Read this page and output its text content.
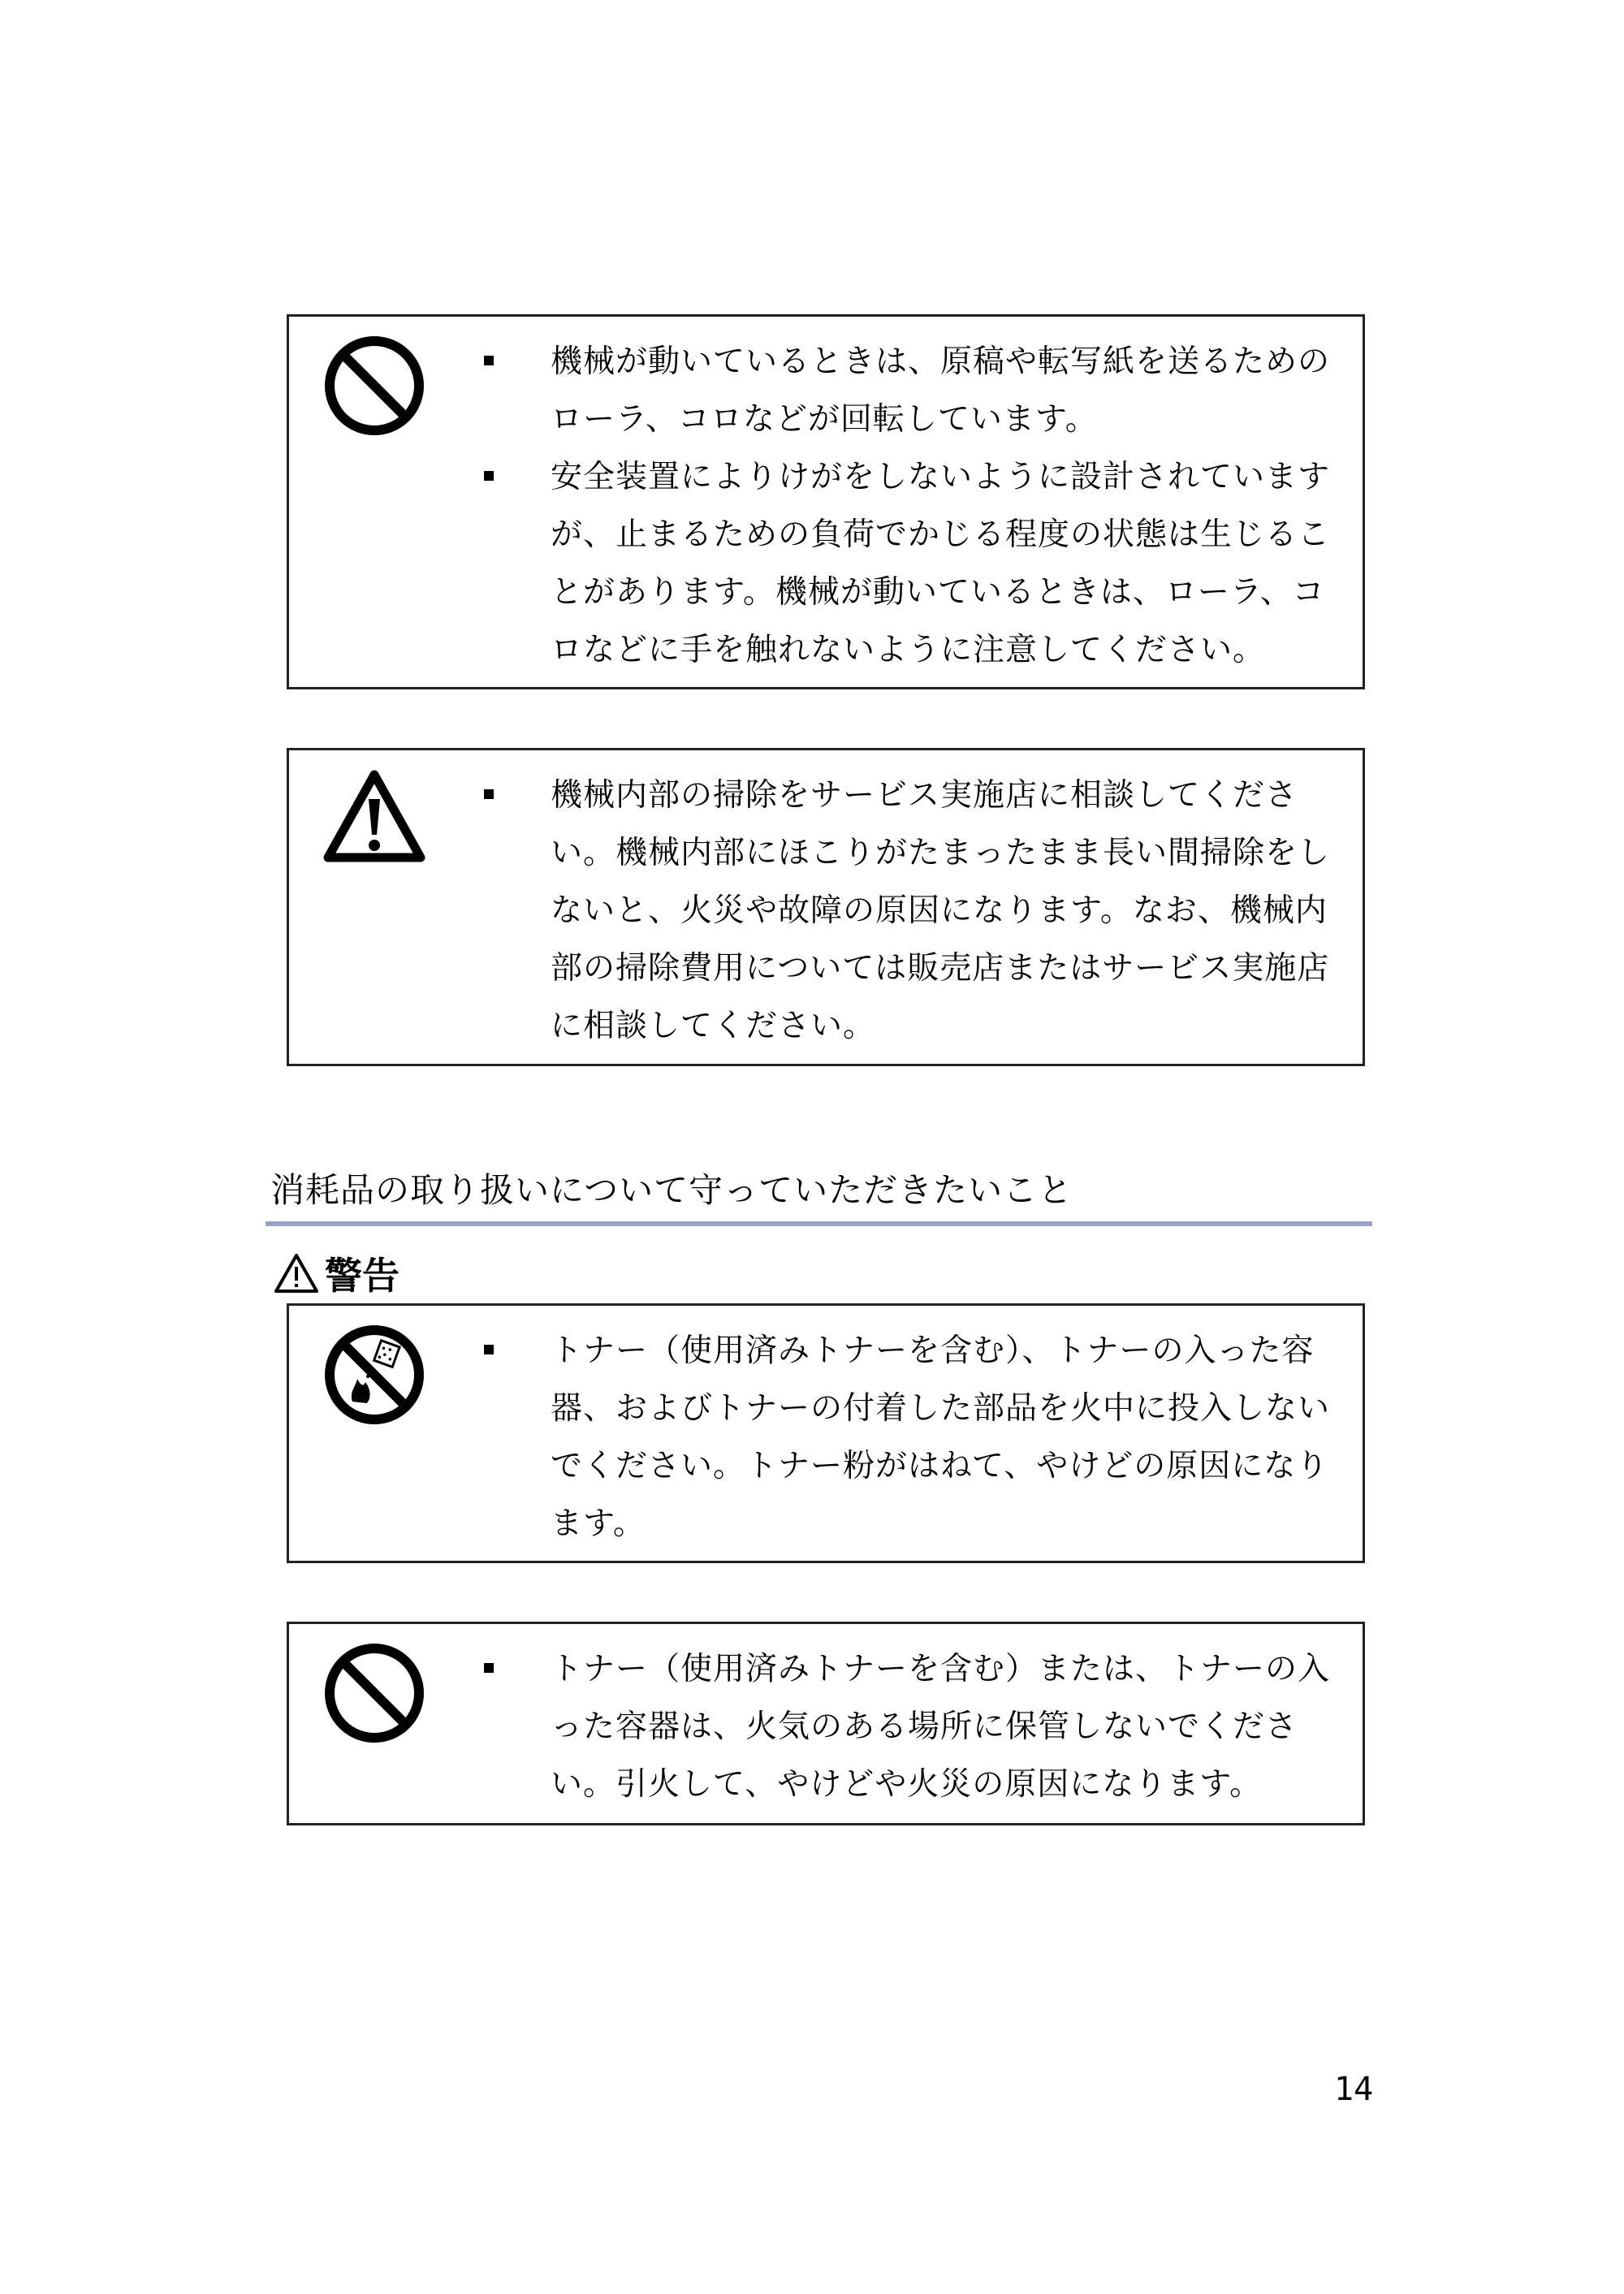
機械が動いているときは、原稿や転写紙を送るためのローラ、コロなどが回転しています。
安全装置によりけがをしないように設計されていますが、止まるための負荷でかじる程度の状態は生じることがあります。機械が動いているときは、ローラ、コロなどに手を触れないように注意してください。
機械内部の掃除をサービス実施店に相談してください。機械内部にほこりがたまったまま長い間掃除をしないと、火災や故障の原因になります。なお、機械内部の掃除費用については販売店またはサービス実施店に相談してください。
消耗品の取り扱いについて守っていただきたいこと
警告
トナー（使用済みトナーを含む）、トナーの入った容器、およびトナーの付着した部品を火中に投入しないでください。トナー粉がはねて、やけどの原因になります。
トナー（使用済みトナーを含む）または、トナーの入った容器は、火気のある場所に保管しないでください。引火して、やけどや火災の原因になります。
14
